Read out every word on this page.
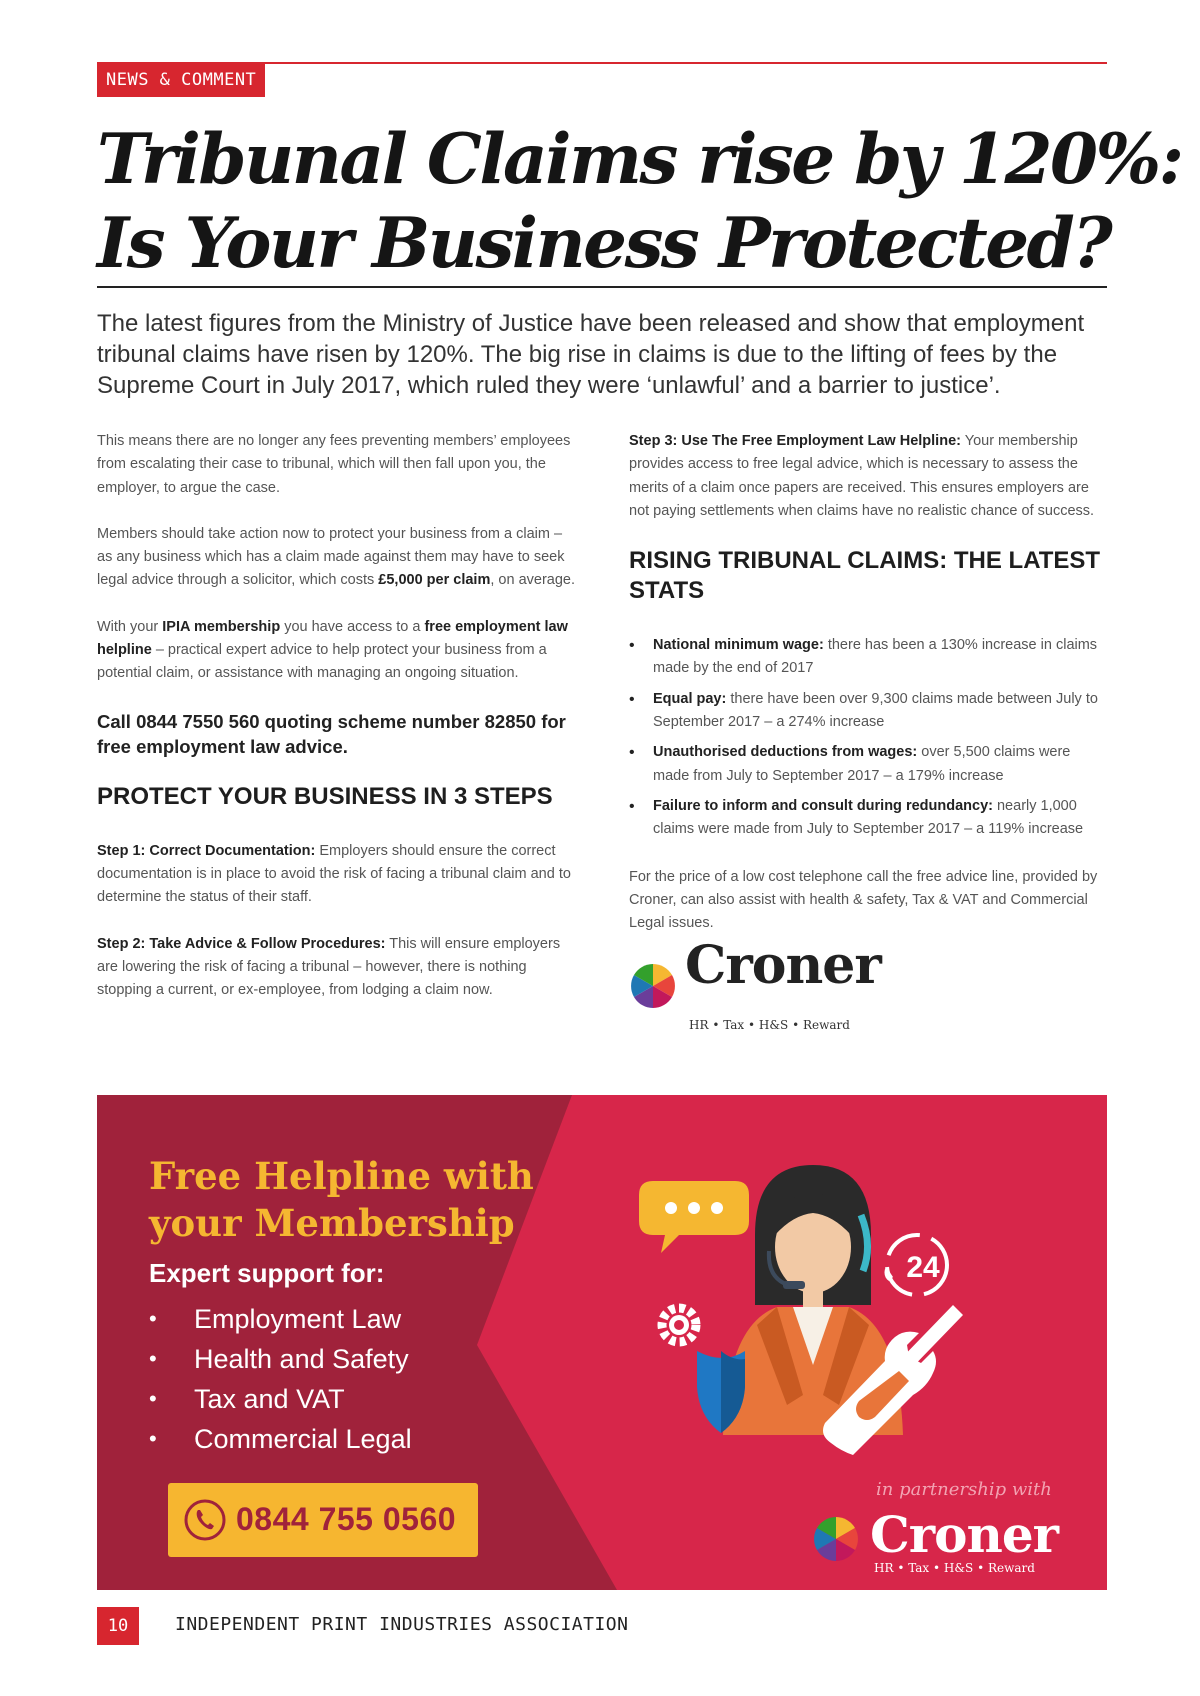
NEWS & COMMENT
Tribunal Claims rise by 120%:
Is Your Business Protected?

The latest figures from the Ministry of Justice have been released and show that employment tribunal claims have risen by 120%. The big rise in claims is due to the lifting of fees by the Supreme Court in July 2017, which ruled they were ‘unlawful’ and a barrier to justice’.

This means there are no longer any fees preventing members’ employees from escalating their case to tribunal, which will then fall upon you, the employer, to argue the case.

Members should take action now to protect your business from a claim – as any business which has a claim made against them may have to seek legal advice through a solicitor, which costs £5,000 per claim, on average.

With your IPIA membership you have access to a free employment law helpline – practical expert advice to help protect your business from a potential claim, or assistance with managing an ongoing situation.

Call 0844 7550 560 quoting scheme number 82850 for free employment law advice.

PROTECT YOUR BUSINESS IN 3 STEPS

Step 1: Correct Documentation: Employers should ensure the correct documentation is in place to avoid the risk of facing a tribunal claim and to determine the status of their staff.

Step 2: Take Advice & Follow Procedures: This will ensure employers are lowering the risk of facing a tribunal – however, there is nothing stopping a current, or ex-employee, from lodging a claim now.

Step 3: Use The Free Employment Law Helpline: Your membership provides access to free legal advice, which is necessary to assess the merits of a claim once papers are received. This ensures employers are not paying settlements when claims have no realistic chance of success.

RISING TRIBUNAL CLAIMS: THE LATEST STATS
• National minimum wage: there has been a 130% increase in claims made by the end of 2017
• Equal pay: there have been over 9,300 claims made between July to September 2017 – a 274% increase
• Unauthorised deductions from wages: over 5,500 claims were made from July to September 2017 – a 179% increase
• Failure to inform and consult during redundancy: nearly 1,000 claims were made from July to September 2017 – a 119% increase

For the price of a low cost telephone call the free advice line, provided by Croner, can also assist with health & safety, Tax & VAT and Commercial Legal issues.

Croner
HR • Tax • H&S • Reward
Free Helpline with
your Membership

Expert support for:

• Employment Law
• Health and Safety
• Tax and VAT
• Commercial Legal
0844 755 0560
24
in partnership with
Croner
HR • Tax • H&S • Reward
10	INDEPENDENT PRINT INDUSTRIES ASSOCIATION
